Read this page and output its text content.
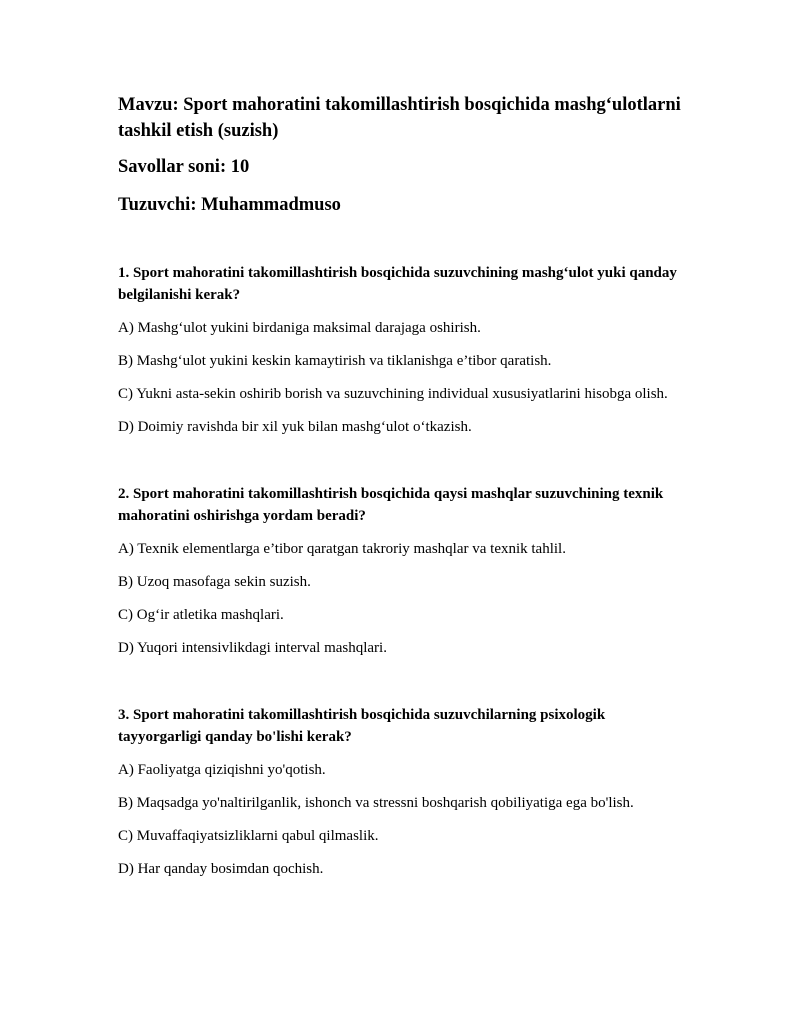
Mavzu: Sport mahoratini takomillashtirish bosqichida mashg‘ulotlarni tashkil etish (suzish)
Savollar soni: 10
Tuzuvchi: Muhammadmuso
1. Sport mahoratini takomillashtirish bosqichida suzuvchining mashg‘ulot yuki qanday belgilanishi kerak?
A) Mashg‘ulot yukini birdaniga maksimal darajaga oshirish.
B) Mashg‘ulot yukini keskin kamaytirish va tiklanishga e’tibor qaratish.
C) Yukni asta-sekin oshirib borish va suzuvchining individual xususiyatlarini hisobga olish.
D) Doimiy ravishda bir xil yuk bilan mashg‘ulot o‘tkazish.
2. Sport mahoratini takomillashtirish bosqichida qaysi mashqlar suzuvchining texnik mahoratini oshirishga yordam beradi?
A) Texnik elementlarga e’tibor qaratgan takroriy mashqlar va texnik tahlil.
B) Uzoq masofaga sekin suzish.
C) Og‘ir atletika mashqlari.
D) Yuqori intensivlikdagi interval mashqlari.
3. Sport mahoratini takomillashtirish bosqichida suzuvchilarning psixologik tayyorgarligi qanday bo'lishi kerak?
A) Faoliyatga qiziqishni yo'qotish.
B) Maqsadga yo'naltirilganlik, ishonch va stressni boshqarish qobiliyatiga ega bo'lish.
C) Muvaffaqiyatsizliklarni qabul qilmaslik.
D) Har qanday bosimdan qochish.
